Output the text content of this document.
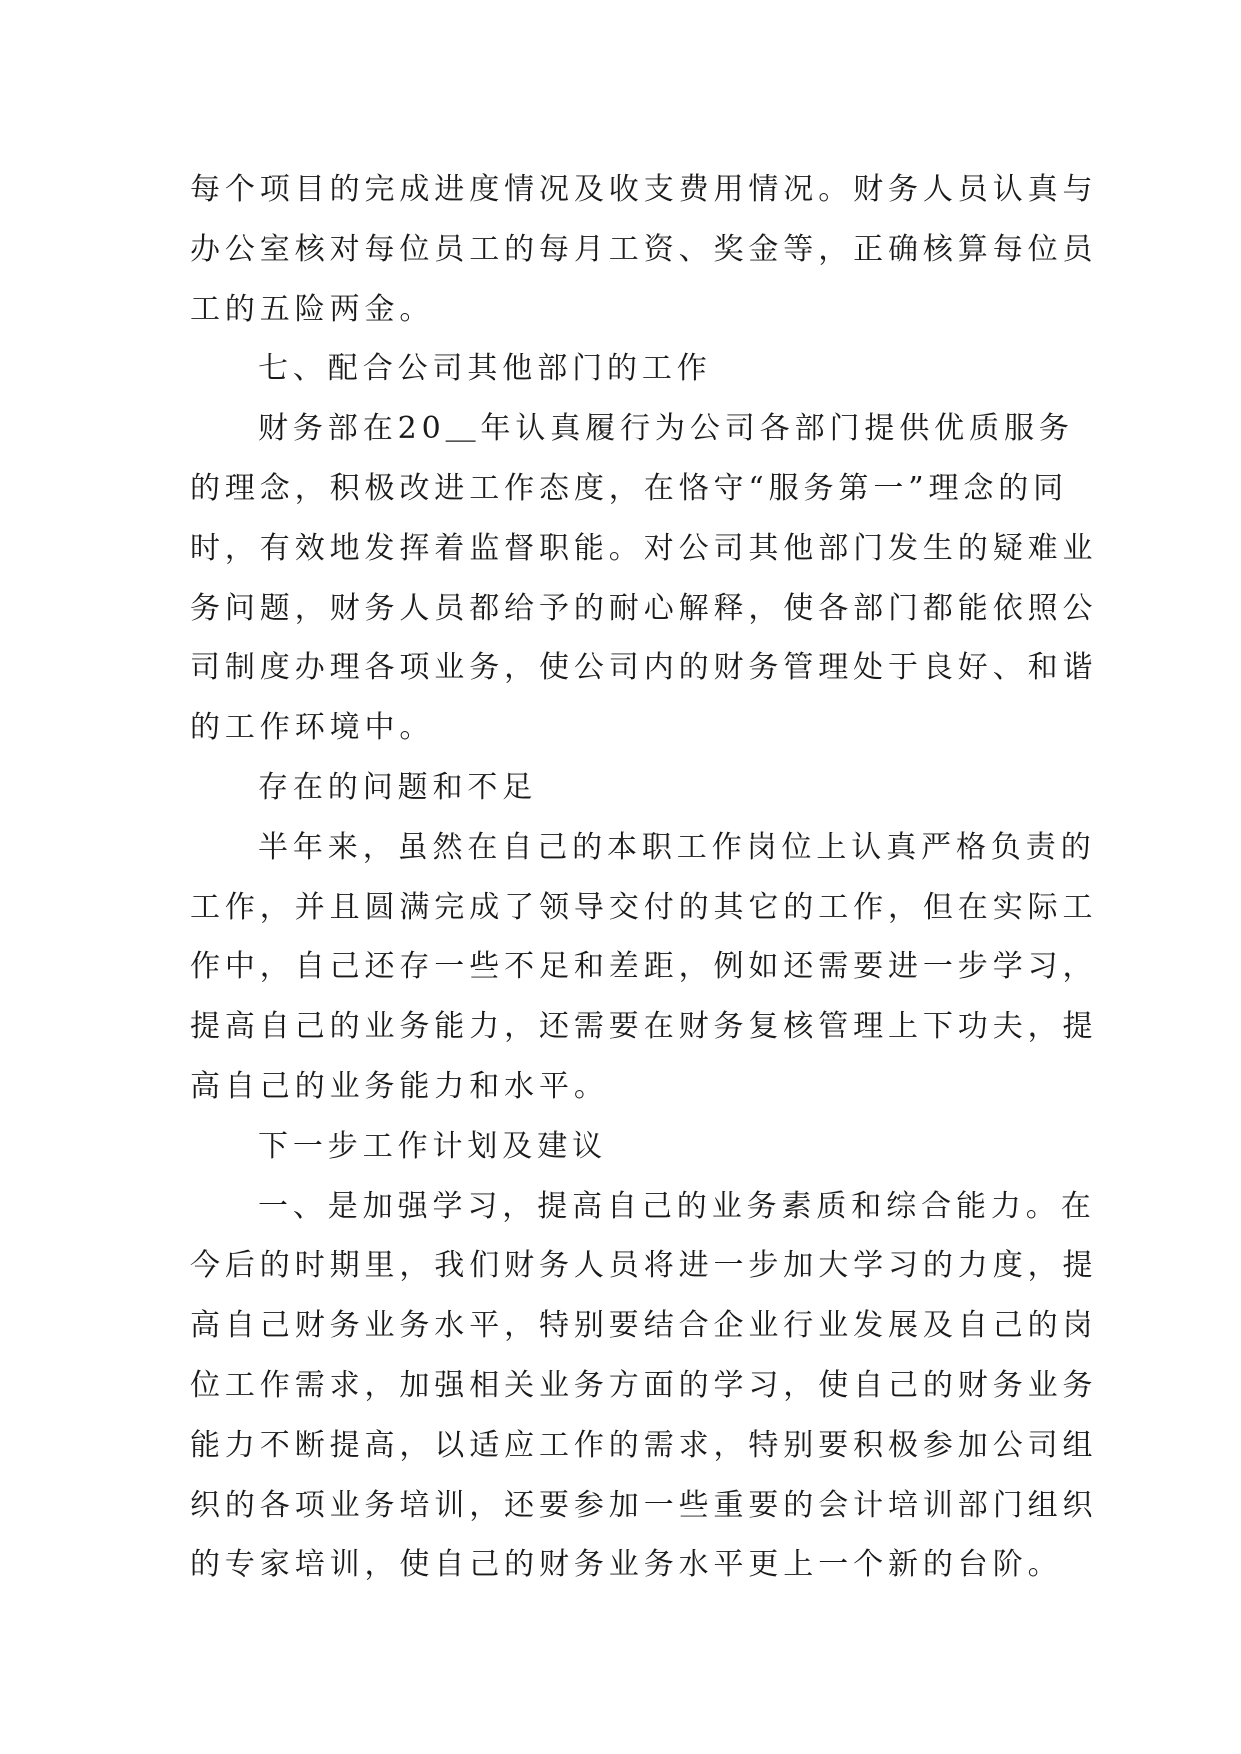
每个项目的完成进度情况及收支费用情况。财务人员认真与
办公室核对每位员工的每月工资、奖金等，正确核算每位员
工的五险两金。
七、配合公司其他部门的工作
财务部在20＿年认真履行为公司各部门提供优质服务
的理念，积极改进工作态度，在恪守“服务第一”理念的同
时，有效地发挥着监督职能。对公司其他部门发生的疑难业
务问题，财务人员都给予的耐心解释，使各部门都能依照公
司制度办理各项业务，使公司内的财务管理处于良好、和谐
的工作环境中。
存在的问题和不足
半年来，虽然在自己的本职工作岗位上认真严格负责的
工作，并且圆满完成了领导交付的其它的工作，但在实际工
作中，自己还存一些不足和差距，例如还需要进一步学习，
提高自己的业务能力，还需要在财务复核管理上下功夫，提
高自己的业务能力和水平。
下一步工作计划及建议
一、是加强学习，提高自己的业务素质和综合能力。在
今后的时期里，我们财务人员将进一步加大学习的力度，提
高自己财务业务水平，特别要结合企业行业发展及自己的岗
位工作需求，加强相关业务方面的学习，使自己的财务业务
能力不断提高，以适应工作的需求，特别要积极参加公司组
织的各项业务培训，还要参加一些重要的会计培训部门组织
的专家培训，使自己的财务业务水平更上一个新的台阶。
